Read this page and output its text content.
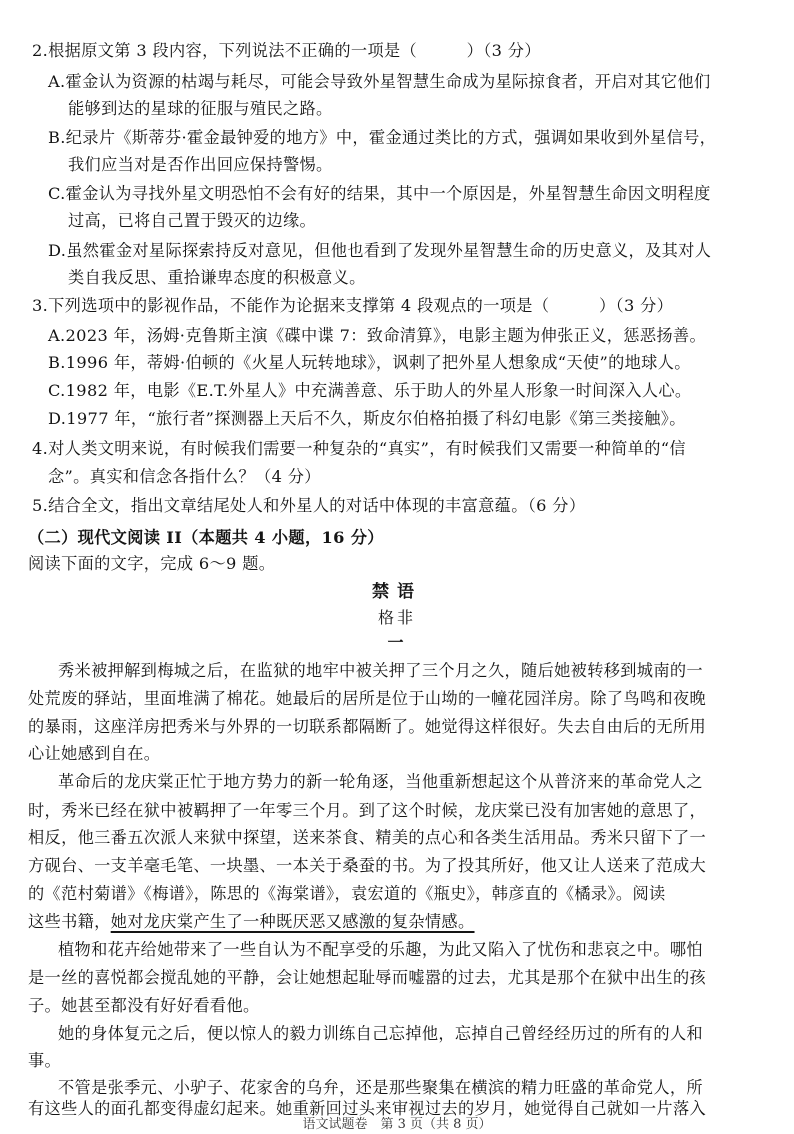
2.根据原文第 3 段内容，下列说法不正确的一项是（　　　）（3 分）
A.霍金认为资源的枯竭与耗尽，可能会导致外星智慧生命成为星际掠食者，开启对其它他们
能够到达的星球的征服与殖民之路。
B.纪录片《斯蒂芬·霍金最钟爱的地方》中，霍金通过类比的方式，强调如果收到外星信号，
我们应当对是否作出回应保持警惕。
C.霍金认为寻找外星文明恐怕不会有好的结果，其中一个原因是，外星智慧生命因文明程度
过高，已将自己置于毁灭的边缘。
D.虽然霍金对星际探索持反对意见，但他也看到了发现外星智慧生命的历史意义，及其对人
类自我反思、重拾谦卑态度的积极意义。
3.下列选项中的影视作品，不能作为论据来支撑第 4 段观点的一项是（　　　）（3 分）
A.2023 年，汤姆·克鲁斯主演《碟中谍 7：致命清算》，电影主题为伸张正义，惩恶扬善。
B.1996 年，蒂姆·伯顿的《火星人玩转地球》，讽刺了把外星人想象成“天使”的地球人。
C.1982 年，电影《E.T.外星人》中充满善意、乐于助人的外星人形象一时间深入人心。
D.1977 年，“旅行者”探测器上天后不久，斯皮尔伯格拍摄了科幻电影《第三类接触》。
4.对人类文明来说，有时候我们需要一种复杂的“真实”，有时候我们又需要一种简单的“信
念”。真实和信念各指什么？（4 分）
5.结合全文，指出文章结尾处人和外星人的对话中体现的丰富意蕴。（6 分）
（二）现代文阅读 II（本题共 4 小题，16 分）
阅读下面的文字，完成 6～9 题。
禁语
格非
一
秀米被押解到梅城之后，在监狱的地牢中被关押了三个月之久，随后她被转移到城南的一
处荒废的驿站，里面堆满了棉花。她最后的居所是位于山坳的一幢花园洋房。除了鸟鸣和夜晚
的暴雨，这座洋房把秀米与外界的一切联系都隔断了。她觉得这样很好。失去自由后的无所用
心让她感到自在。
革命后的龙庆棠正忙于地方势力的新一轮角逐，当他重新想起这个从普济来的革命党人之
时，秀米已经在狱中被羁押了一年零三个月。到了这个时候，龙庆棠已没有加害她的意思了，
相反，他三番五次派人来狱中探望，送来茶食、精美的点心和各类生活用品。秀米只留下了一
方砚台、一支羊毫毛笔、一块墨、一本关于桑蚕的书。为了投其所好，他又让人送来了范成大
的《范村菊谱》《梅谱》，陈思的《海棠谱》，袁宏道的《瓶史》，韩彦直的《橘录》。阅读
这些书籍，她对龙庆棠产生了一种既厌恶又感激的复杂情感。
植物和花卉给她带来了一些自认为不配享受的乐趣，为此又陷入了忧伤和悲哀之中。哪怕
是一丝的喜悦都会搅乱她的平静，会让她想起耻辱而嘘嚣的过去，尤其是那个在狱中出生的孩
子。她甚至都没有好好看看他。
她的身体复元之后，便以惊人的毅力训练自己忘掉他，忘掉自己曾经经历过的所有的人和
事。
不管是张季元、小驴子、花家舍的乌弁，还是那些聚集在横滨的精力旺盛的革命党人，所
有这些人的面孔都变得虚幻起来。她重新回过头来审视过去的岁月，她觉得自己就如一片落入
语文试题卷　第 3 页（共 8 页）
